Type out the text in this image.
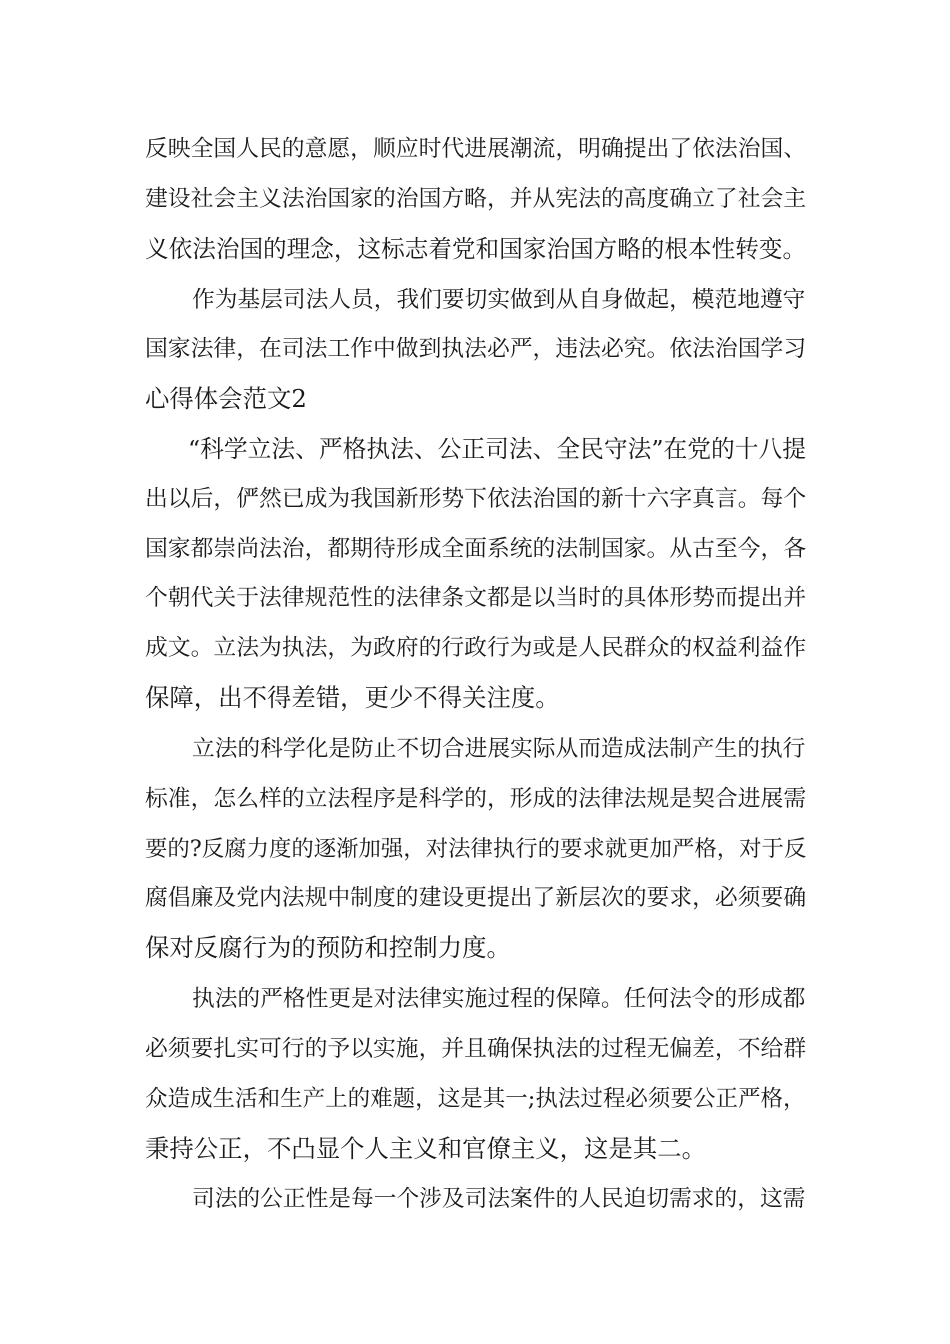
反映全国人民的意愿，顺应时代进展潮流，明确提出了依法治国、

建设社会主义法治国家的治国方略，并从宪法的高度确立了社会主

义依法治国的理念，这标志着党和国家治国方略的根本性转变。

作为基层司法人员，我们要切实做到从自身做起，模范地遵守

国家法律，在司法工作中做到执法必严，违法必究。依法治国学习

心得体会范文2

“科学立法、严格执法、公正司法、全民守法”在党的十八提

出以后，俨然已成为我国新形势下依法治国的新十六字真言。每个

国家都崇尚法治，都期待形成全面系统的法制国家。从古至今，各

个朝代关于法律规范性的法律条文都是以当时的具体形势而提出并

成文。立法为执法，为政府的行政行为或是人民群众的权益利益作

保障，出不得差错，更少不得关注度。

立法的科学化是防止不切合进展实际从而造成法制产生的执行

标准，怎么样的立法程序是科学的，形成的法律法规是契合进展需

要的?反腐力度的逐渐加强，对法律执行的要求就更加严格，对于反

腐倡廉及党内法规中制度的建设更提出了新层次的要求，必须要确

保对反腐行为的预防和控制力度。

执法的严格性更是对法律实施过程的保障。任何法令的形成都

必须要扎实可行的予以实施，并且确保执法的过程无偏差，不给群

众造成生活和生产上的难题，这是其一;执法过程必须要公正严格，

秉持公正，不凸显个人主义和官僚主义，这是其二。

司法的公正性是每一个涉及司法案件的人民迫切需求的，这需
